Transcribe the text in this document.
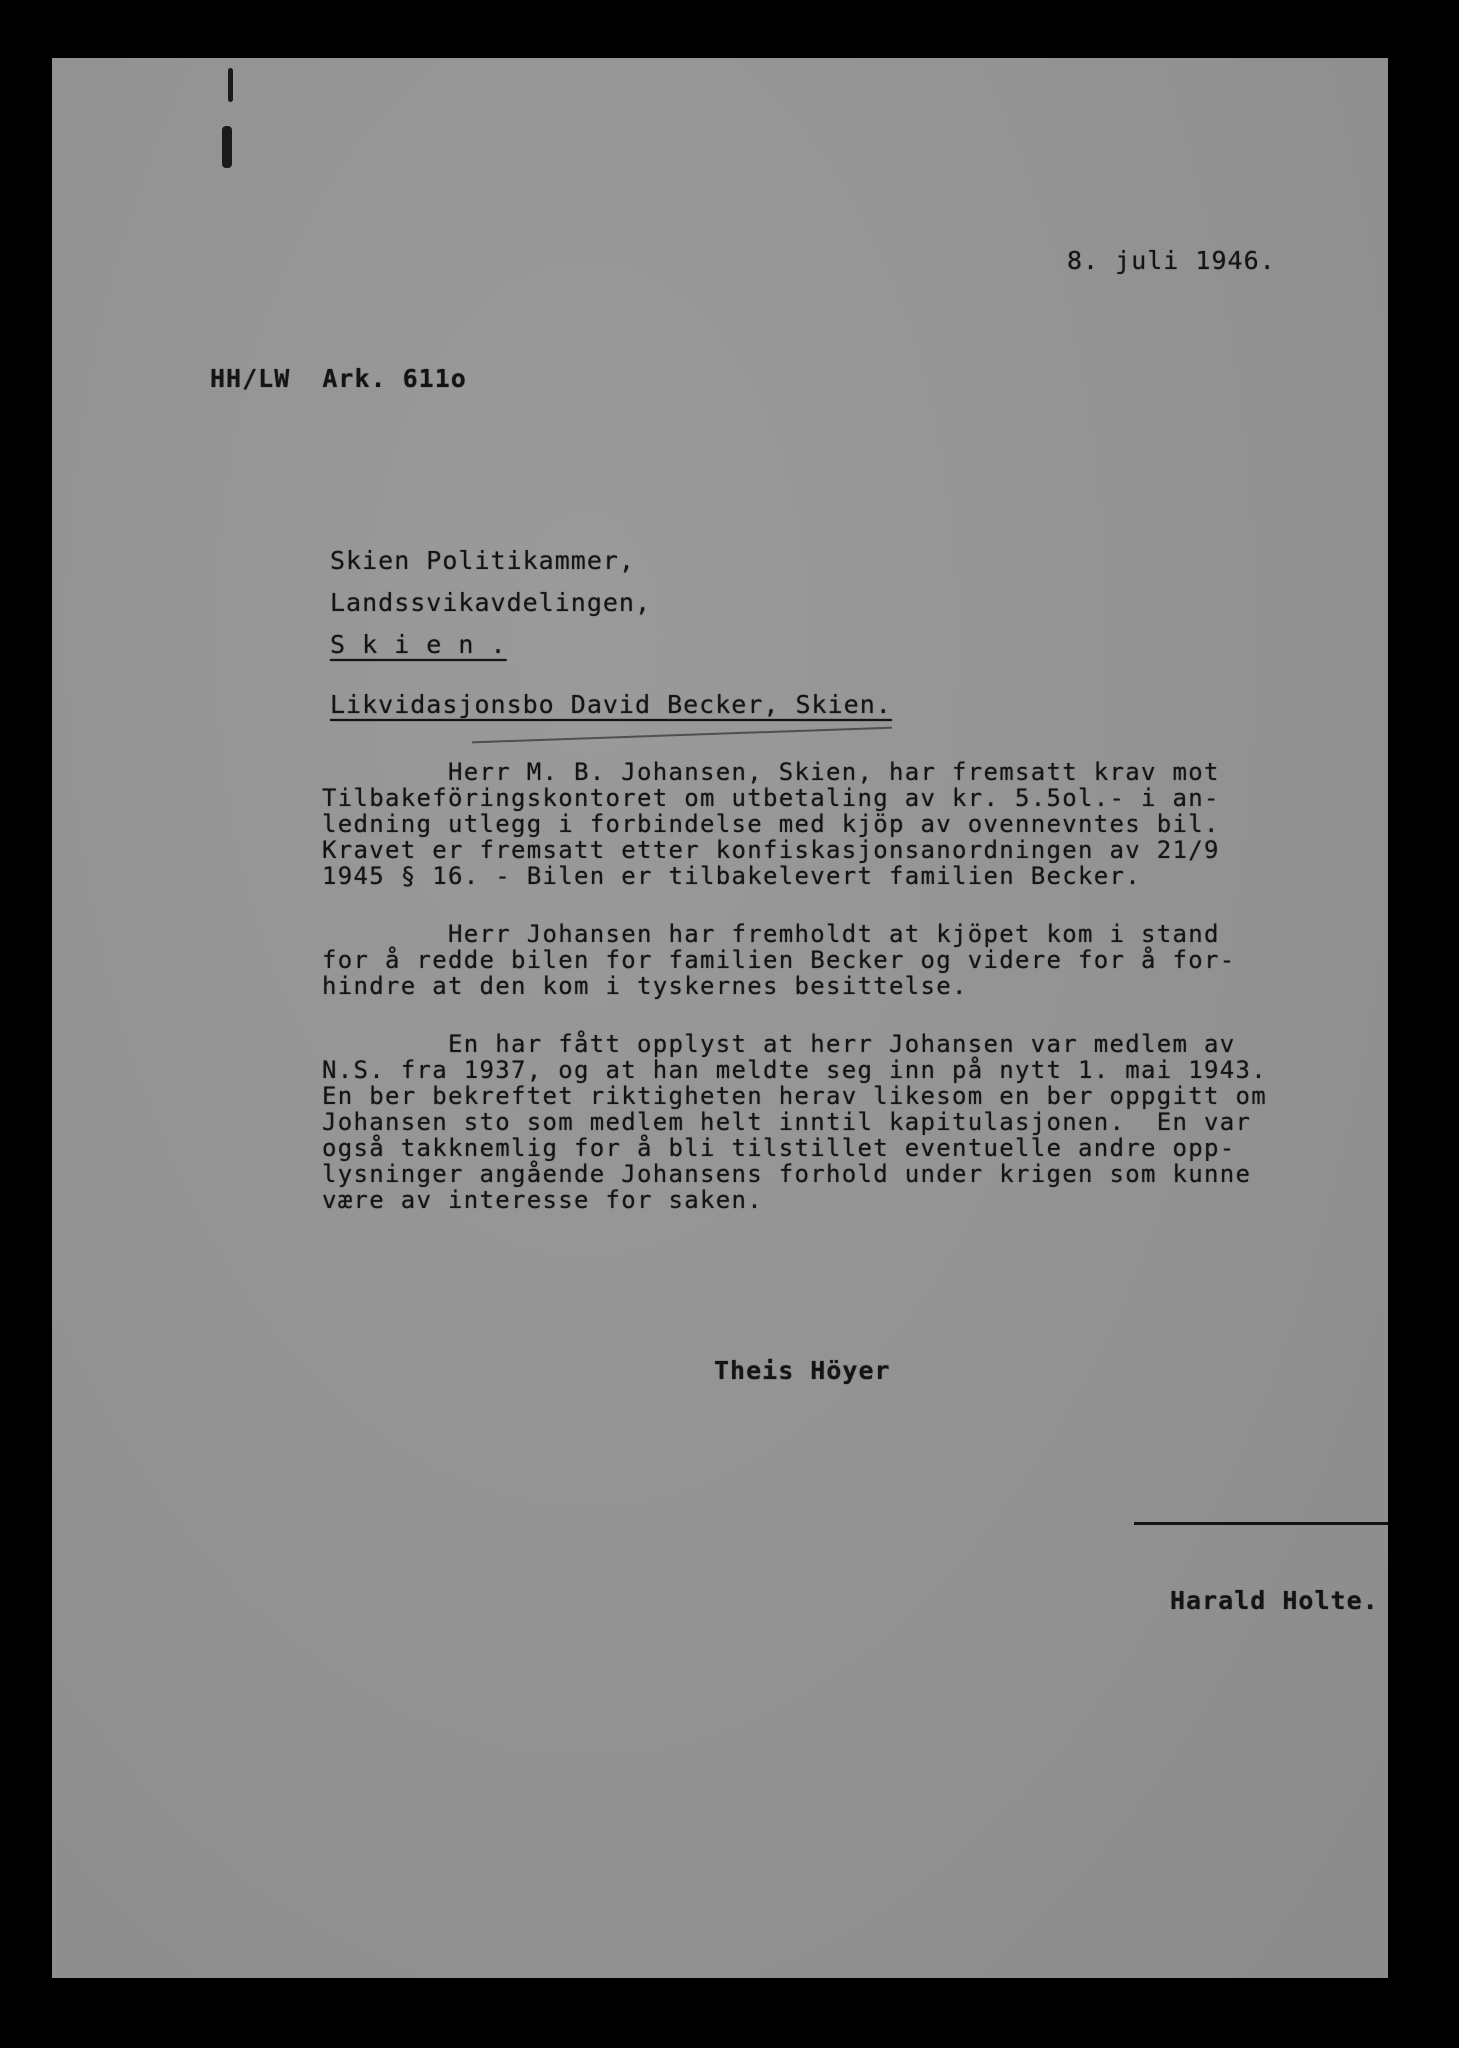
8. juli 1946.
HH/LW  Ark. 611o
Skien Politikammer,
Landssvikavdelingen,
S k i e n .
Likvidasjonsbo David Becker, Skien.
Herr M. B. Johansen, Skien, har fremsatt krav mot
Tilbakeföringskontoret om utbetaling av kr. 5.5ol.- i an-
ledning utlegg i forbindelse med kjöp av ovennevntes bil.
Kravet er fremsatt etter konfiskasjonsanordningen av 21/9
1945 § 16. - Bilen er tilbakelevert familien Becker.
Herr Johansen har fremholdt at kjöpet kom i stand
for å redde bilen for familien Becker og videre for å for-
hindre at den kom i tyskernes besittelse.
En har fått opplyst at herr Johansen var medlem av
N.S. fra 1937, og at han meldte seg inn på nytt 1. mai 1943.
En ber bekreftet riktigheten herav likesom en ber oppgitt om
Johansen sto som medlem helt inntil kapitulasjonen.  En var
også takknemlig for å bli tilstillet eventuelle andre opp-
lysninger angående Johansens forhold under krigen som kunne
være av interesse for saken.
Theis Höyer
Harald Holte.
